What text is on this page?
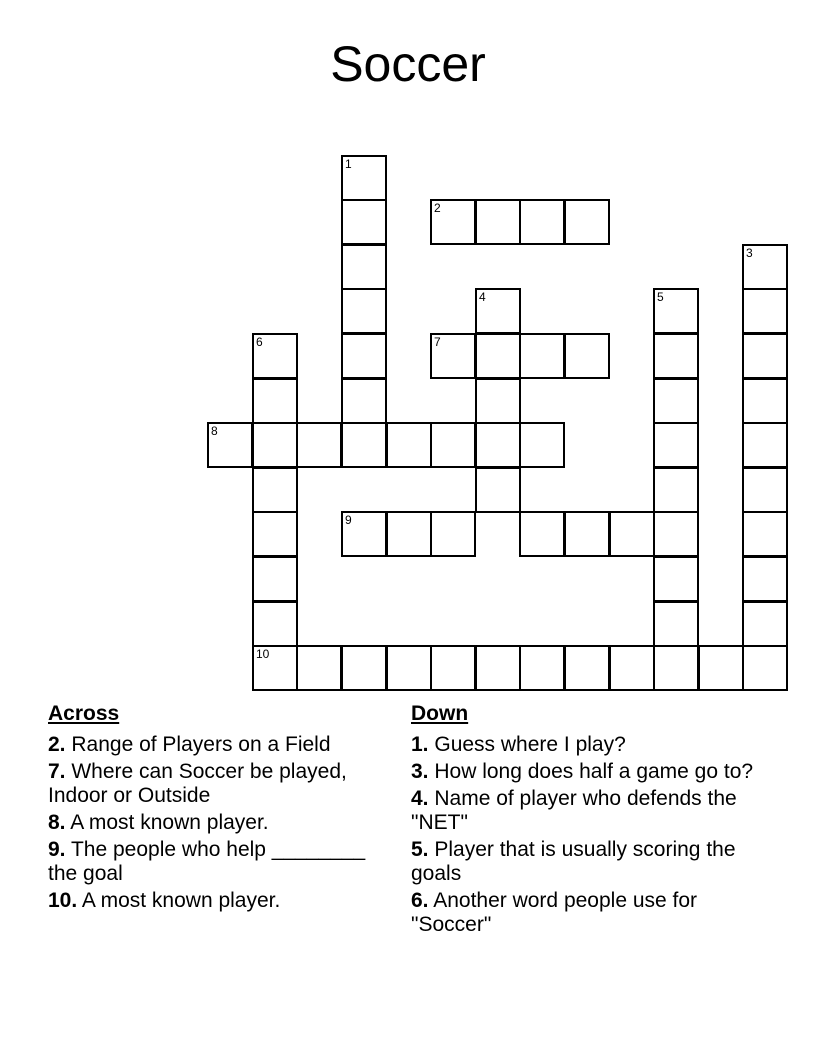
Soccer
1
2
3
4	5
6
10
7
8
9
Across
2. Range of Players on a Field
7. Where can Soccer be played, Indoor or Outside
8. A most known player.
9. The people who help ________ the goal
10. A most known player.
Down
1. Guess where I play?
3. How long does half a game go to?
4. Name of player who defends the "NET"
5. Player that is usually scoring the goals
6. Another word people use for "Soccer"
